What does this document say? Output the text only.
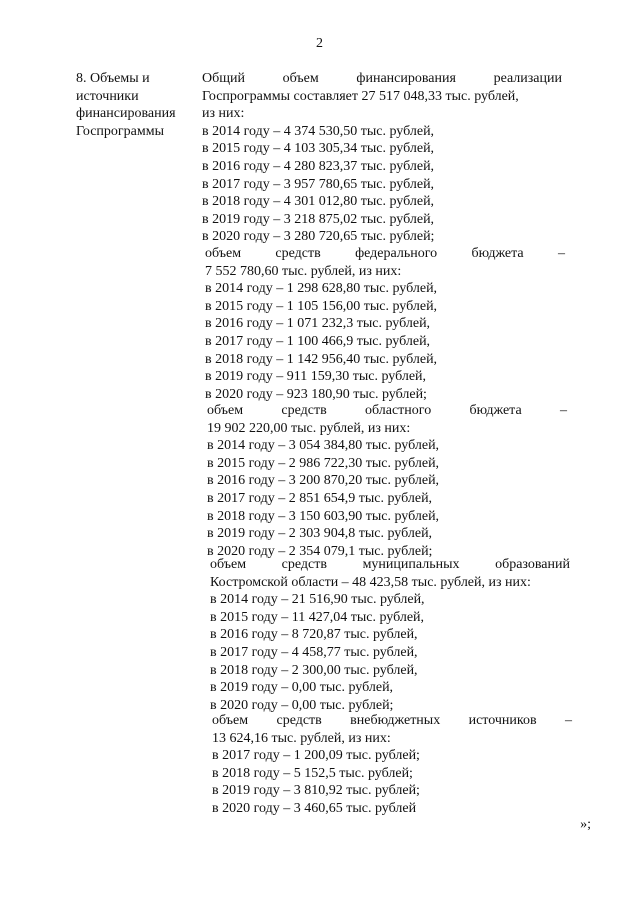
2
8. Объемы и
источники
финансирования
Госпрограммы
Общий объем финансирования реализации
Госпрограммы составляет 27 517 048,33 тыс. рублей,
из них:
в 2014 году – 4 374 530,50 тыс. рублей,
в 2015 году – 4 103 305,34 тыс. рублей,
в 2016 году – 4 280 823,37 тыс. рублей,
в 2017 году – 3 957 780,65 тыс. рублей,
в 2018 году – 4 301 012,80 тыс. рублей,
в 2019 году – 3 218 875,02 тыс. рублей,
в 2020 году – 3 280 720,65 тыс. рублей;
объем средств федерального бюджета –
7 552 780,60 тыс. рублей, из них:
в 2014 году – 1 298 628,80 тыс. рублей,
в 2015 году – 1 105 156,00 тыс. рублей,
в 2016 году – 1 071 232,3 тыс. рублей,
в 2017 году – 1 100 466,9 тыс. рублей,
в 2018 году – 1 142 956,40 тыс. рублей,
в 2019 году – 911 159,30 тыс. рублей,
в 2020 году – 923 180,90 тыс. рублей;
объем средств областного бюджета –
19 902 220,00 тыс. рублей, из них:
в 2014 году – 3 054 384,80 тыс. рублей,
в 2015 году – 2 986 722,30 тыс. рублей,
в 2016 году – 3 200 870,20 тыс. рублей,
в 2017 году – 2 851 654,9 тыс. рублей,
в 2018 году – 3 150 603,90 тыс. рублей,
в 2019 году – 2 303 904,8 тыс. рублей,
в 2020 году – 2 354 079,1 тыс. рублей;
объем средств муниципальных образований
Костромской области – 48 423,58 тыс. рублей, из них:
в 2014 году – 21 516,90 тыс. рублей,
в 2015 году – 11 427,04 тыс. рублей,
в 2016 году – 8 720,87 тыс. рублей,
в 2017 году – 4 458,77 тыс. рублей,
в 2018 году – 2 300,00 тыс. рублей,
в 2019 году – 0,00 тыс. рублей,
в 2020 году – 0,00 тыс. рублей;
объем средств внебюджетных источников –
13 624,16 тыс. рублей, из них:
в 2017 году – 1 200,09 тыс. рублей;
в 2018 году – 5 152,5 тыс. рублей;
в 2019 году – 3 810,92 тыс. рублей;
в 2020 году – 3 460,65 тыс. рублей
»;
